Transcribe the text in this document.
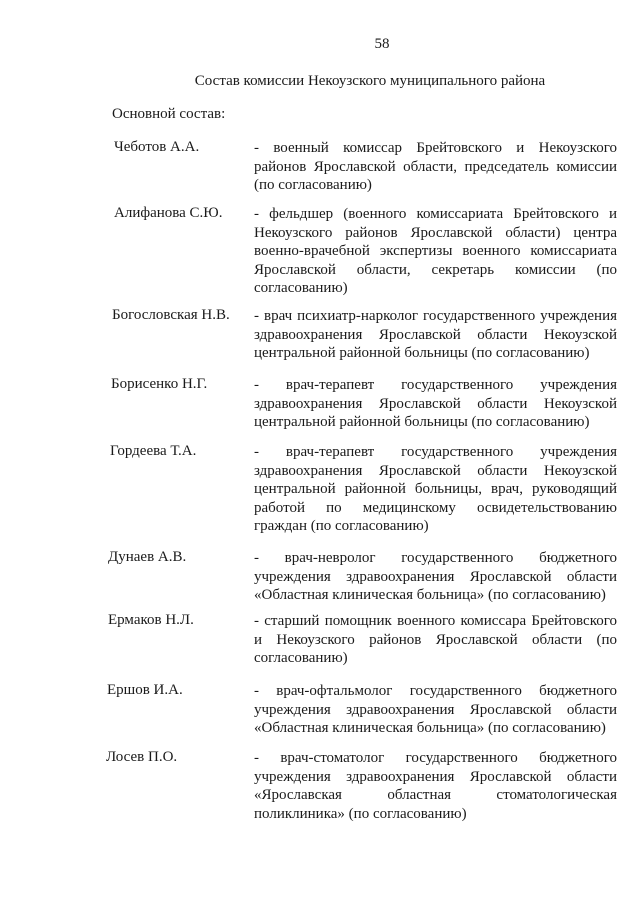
58
Состав комиссии Некоузского муниципального района
Основной состав:
Чеботов А.А.	- военный комиссар Брейтовского и Некоузского районов Ярославской области, председатель комиссии (по согласованию)
Алифанова С.Ю. - фельдшер (военного комиссариата Брейтовского и Некоузского районов Ярославской области) центра военно-врачебной экспертизы военного комиссариата Ярославской области, секретарь комиссии (по согласованию)
Богословская Н.В. - врач психиатр-нарколог государственного учреждения здравоохранения Ярославской области Некоузской центральной районной больницы (по согласованию)
Борисенко Н.Г.	- врач-терапевт государственного учреждения здравоохранения Ярославской области Некоузской центральной районной больницы (по согласованию)
Гордеева Т.А.	- врач-терапевт государственного учреждения здравоохранения Ярославской области Некоузской центральной районной больницы, врач, руководящий работой по медицинскому освидетельствованию граждан (по согласованию)
Дунаев А.В.	- врач-невролог государственного бюджетного учреждения здравоохранения Ярославской области «Областная клиническая больница» (по согласованию)
Ермаков Н.Л.	- старший помощник военного комиссара Брейтовского и Некоузского районов Ярославской области (по согласованию)
Ершов И.А.	- врач-офтальмолог государственного бюджетного учреждения здравоохранения Ярославской области «Областная клиническая больница» (по согласованию)
Лосев П.О.	- врач-стоматолог государственного бюджетного учреждения здравоохранения Ярославской области «Ярославская областная стоматологическая поликлиника» (по согласованию)
